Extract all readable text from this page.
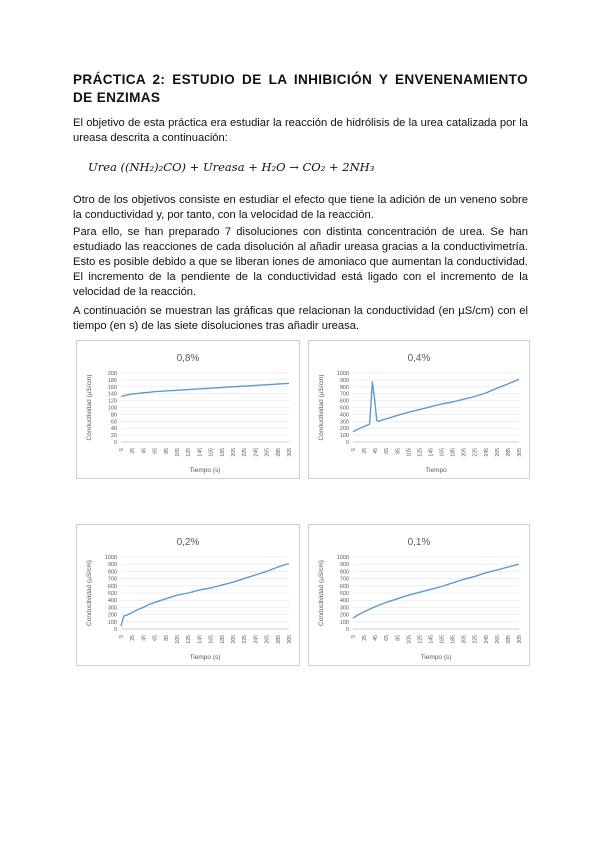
PRÁCTICA 2: ESTUDIO DE LA INHIBICIÓN Y ENVENENAMIENTO DE ENZIMAS

El objetivo de esta práctica era estudiar la reacción de hidrólisis de la urea catalizada por la ureasa descrita a continuación:

Urea ((NH₂)₂CO) + Ureasa + H₂O → CO₂ + 2NH₃

Otro de los objetivos consiste en estudiar el efecto que tiene la adición de un veneno sobre la conductividad y, por tanto, con la velocidad de la reacción.

Para ello, se han preparado 7 disoluciones con distinta concentración de urea. Se han estudiado las reacciones de cada disolución al añadir ureasa gracias a la conductivimetría. Esto es posible debido a que se liberan iones de amoniaco que aumentan la conductividad. El incremento de la pendiente de la conductividad está ligado con el incremento de la velocidad de la reacción.

A continuación se muestran las gráficas que relacionan la conductividad (en µS/cm) con el tiempo (en s) de las siete disoluciones tras añadir ureasa.

0,8%
0
20
40
60
80
100
120
140
160
180
200
5 25 45 65 85 105 125 145 165 185 205 225 245 265 285 305
Tiempo (s)
Conductividad (µS/cm)
0,4%
0
100
200
300
400
500
600
700
800
900
1000
5 25 45 65 85 105 125 145 165 185 205 225 245 265 285 305
Tiempo
Conductividad (µS/cm)
0,2%
0
100
200
300
400
500
600
700
800
900
1000
5 25 45 65 85 105 125 145 165 185 205 225 245 265 285 305
Tiempo (s)
Conductividad (µS/cm)
0,1%
0
100
200
300
400
500
600
700
800
900
1000
5 25 45 65 85 105 125 145 165 185 205 225 245 265 285 305
Tiempo (s)
Conductividad (µS/cm)
